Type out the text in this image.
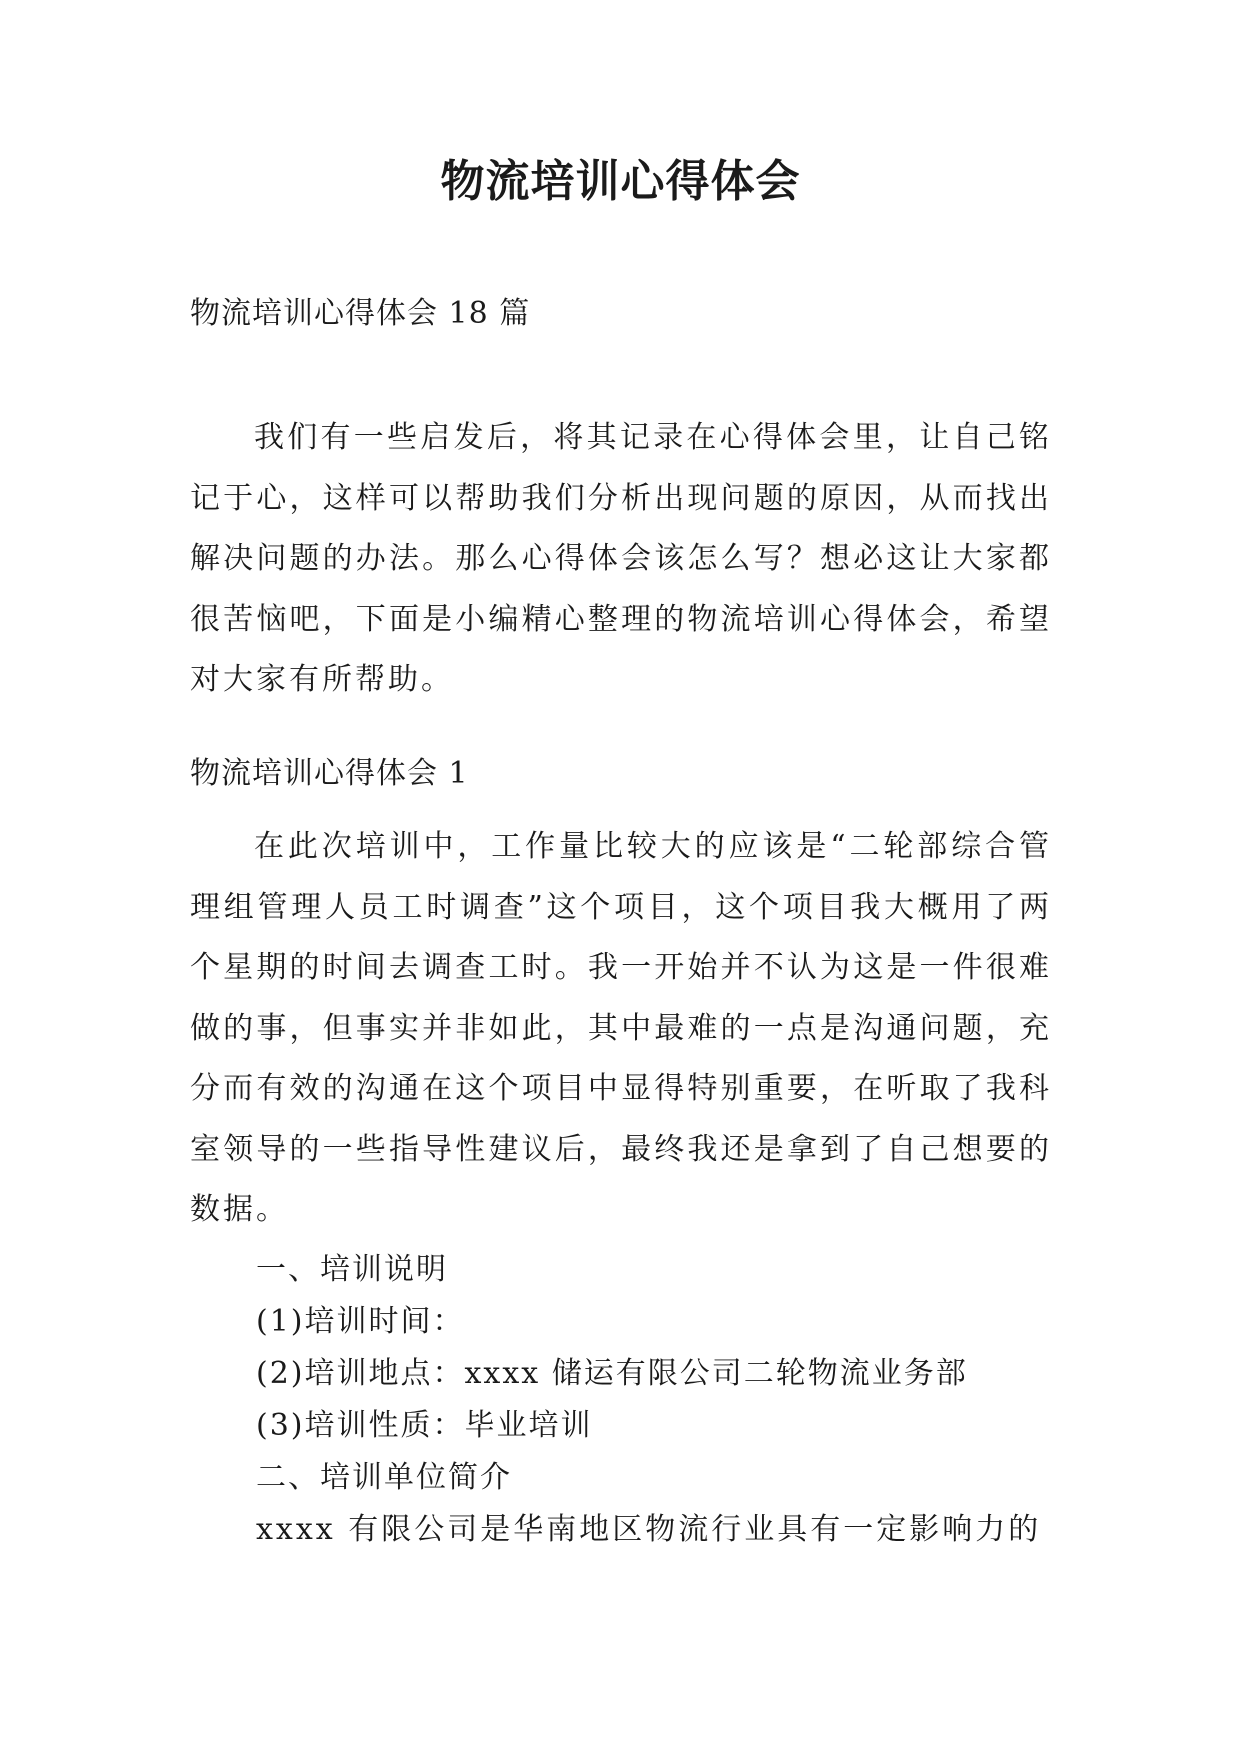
物流培训心得体会
物流培训心得体会 18 篇
我们有一些启发后，将其记录在心得体会里，让自己铭记于心，这样可以帮助我们分析出现问题的原因，从而找出解决问题的办法。那么心得体会该怎么写？想必这让大家都很苦恼吧，下面是小编精心整理的物流培训心得体会，希望对大家有所帮助。
物流培训心得体会 1
在此次培训中，工作量比较大的应该是“二轮部综合管理组管理人员工时调查”这个项目，这个项目我大概用了两个星期的时间去调查工时。我一开始并不认为这是一件很难做的事，但事实并非如此，其中最难的一点是沟通问题，充分而有效的沟通在这个项目中显得特别重要，在听取了我科室领导的一些指导性建议后，最终我还是拿到了自己想要的数据。
一、培训说明
(1)培训时间：
(2)培训地点：xxxx 储运有限公司二轮物流业务部
(3)培训性质：毕业培训
二、培训单位简介
xxxx 有限公司是华南地区物流行业具有一定影响力的
